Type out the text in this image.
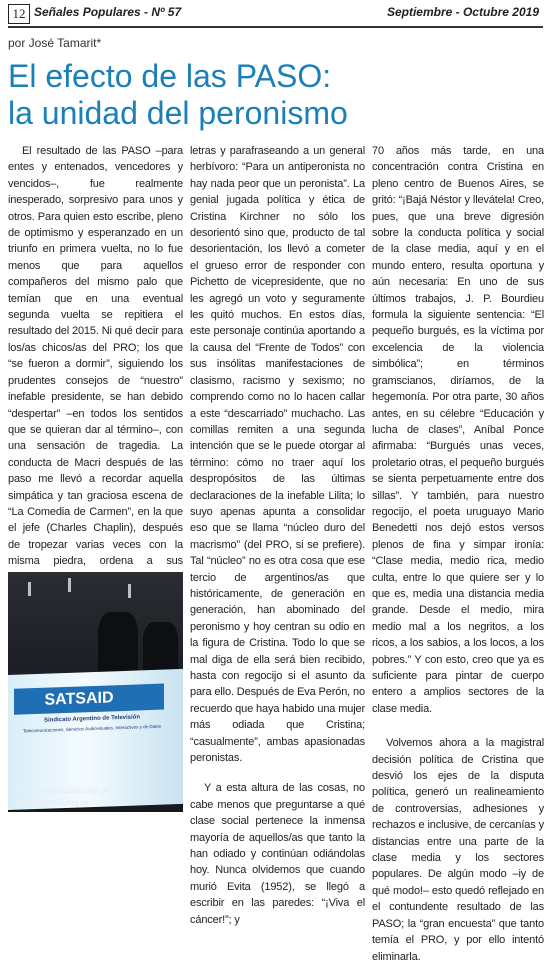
12 Señales Populares - Nº 57	Septiembre - Octubre 2019
por José Tamarit*
El efecto de las PASO:
la unidad del peronismo

El resultado de las PASO –para entes y entenados, vencedores y vencidos–, fue realmente inesperado, sorpresivo para unos y otros. Para quien esto escribe, pleno de optimismo y esperanzado en un triunfo en primera vuelta, no lo fue menos que para aquellos compañeros del mismo palo que temían que en una eventual segunda vuelta se repitiera el resultado del 2015. Ni qué decir para los/as chicos/as del PRO; los que “se fueron a dormir”, siguiendo los prudentes consejos de “nuestro” inefable presidente, se han debido “despertar” –en todos los sentidos que se quieran dar al término–, con una sensación de tragedia. La conducta de Macri después de las paso me llevó a recordar aquella simpática y tan graciosa escena de “La Comedia de Carmen”, en la que el jefe (Charles Chaplin), después de tropezar varias veces con la misma piedra, ordena a sus

SATSAID
Sindicato Argentino de Televisión
Telecomunicaciones, Servicios Audiovisuales, Interactivos y de Datos
www.blogsatsaid.com.ar
www.satsaid.org.ar

letras y parafraseando a un general herbívoro: “Para un antiperonista no hay nada peor que un peronista”. La genial jugada política y ética de Cristina Kirchner no sólo los desorientó sino que, producto de tal desorientación, los llevó a cometer el grueso error de responder con Pichetto de vicepresidente, que no les agregó un voto y seguramente les quitó muchos. En estos días, este personaje continúa aportando a la causa del “Frente de Todos” con sus insólitas manifestaciones de clasismo, racismo y sexismo; no comprendo como no lo hacen callar a este “descarriado” muchacho. Las comillas remiten a una segunda intención que se le puede otorgar al término: cómo no traer aquí los despropósitos de las últimas declaraciones de la inefable Lilita; lo suyo apenas apunta a consolidar eso que se llama “núcleo duro del macrismo” (del PRO, si se prefiere). Tal “núcleo” no es otra cosa que ese tercio de argentinos/as que históricamente, de generación en generación, han abominado del peronismo y hoy centran su odio en la figura de Cristina. Todo lo que se mal diga de ella será bien recibido, hasta con regocijo si el asunto da para ello. Después de Eva Perón, no recuerdo que haya habido una mujer más odiada que Cristina; “casualmente”, ambas apasionadas peronistas.

Y a esta altura de las cosas, no cabe menos que preguntarse a qué clase social pertenece la inmensa mayoría de aquellos/as que tanto la han odiado y continúan odiándolas hoy. Nunca olvidemos que cuando murió Evita (1952), se llegó a escribir en las paredes: “¡Viva el cáncer!”; y

70 años más tarde, en una concentración contra Cristina en pleno centro de Buenos Aires, se gritó: “¡Bajá Néstor y llevátela! Creo, pues, que una breve digresión sobre la conducta política y social de la clase media, aquí y en el mundo entero, resulta oportuna y aún necesaria: En uno de sus últimos trabajos, J. P. Bourdieu formula la siguiente sentencia: “El pequeño burgués, es la víctima por excelencia de la violencia simbólica”; en términos gramscianos, diríamos, de la hegemonía. Por otra parte, 30 años antes, en su célebre “Educación y lucha de clases”, Aníbal Ponce afirmaba: “Burgués unas veces, proletario otras, el pequeño burgués se sienta perpetuamente entre dos sillas”. Y también, para nuestro regocijo, el poeta uruguayo Mario Benedetti nos dejó estos versos plenos de fina y simpar ironía: “Clase media, medio rica, medio culta, entre lo que quiere ser y lo que es, media una distancia media grande. Desde el medio, mira medio mal a los negritos, a los ricos, a los sabios, a los locos, a los pobres.” Y con esto, creo que ya es suficiente para pintar de cuerpo entero a amplios sectores de la clase media.

Volvemos ahora a la magistral decisión política de Cristina que desvió los ejes de la disputa política, generó un realineamiento de controversias, adhesiones y rechazos e inclusive, de cercanías y distancias entre una parte de la clase media y los sectores populares. De algún modo –iy de qué modo!– esto quedó reflejado en el contundente resultado de las PASO; la “gran encuesta” que tanto temía el PRO, y por ello intentó eliminarla.
